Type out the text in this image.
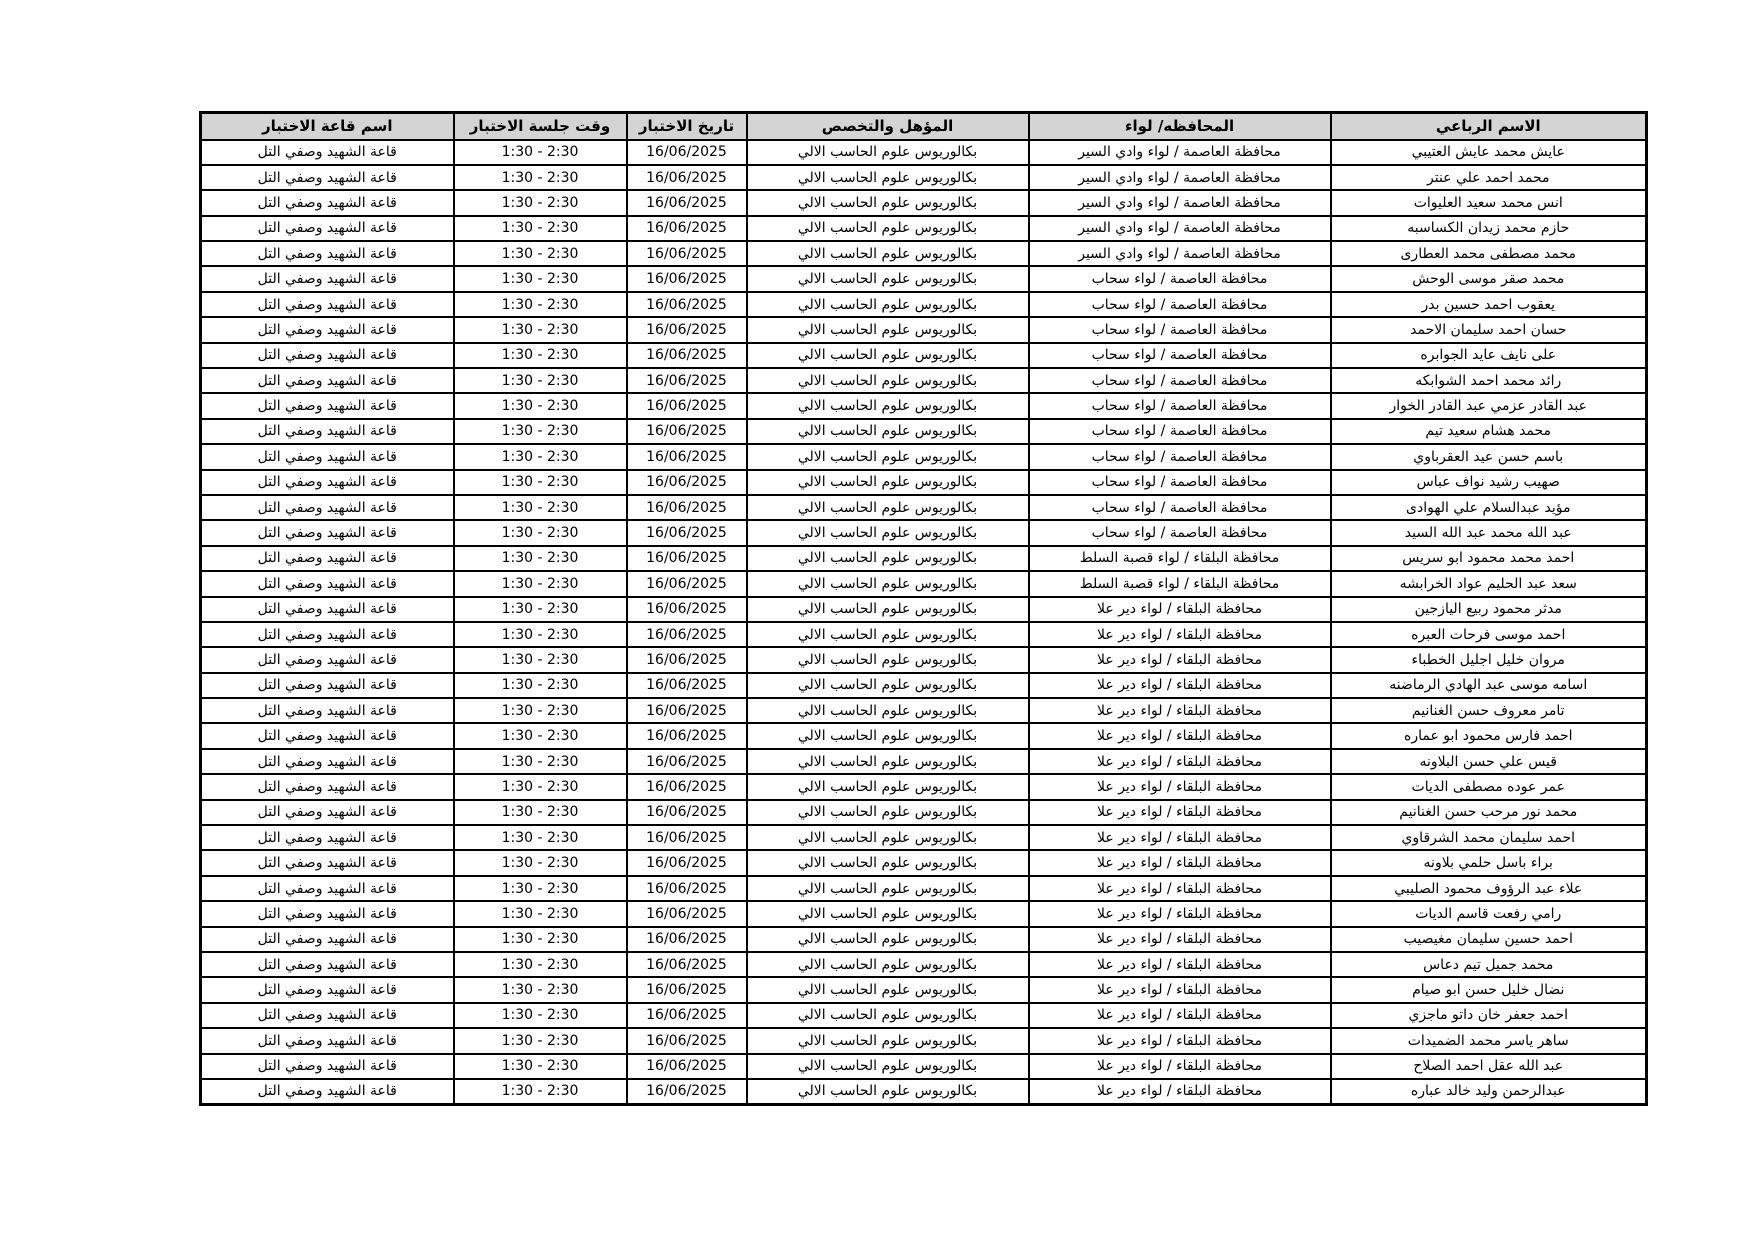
الاسم الرباعي	المحافظه/ لواء	المؤهل والتخصص	تاريخ الاختبار	وقت جلسة الاختبار	اسم قاعة الاختبار
عايش محمد عايش العتيبي	محافظة العاصمة / لواء وادي السير	بكالوريوس علوم الحاسب الالي	16/06/2025	1:30 - 2:30	قاعة الشهيد وصفي التل
محمد احمد علي عنتر	محافظة العاصمة / لواء وادي السير	بكالوريوس علوم الحاسب الالي	16/06/2025	1:30 - 2:30	قاعة الشهيد وصفي التل
انس محمد سعيد العليوات	محافظة العاصمة / لواء وادي السير	بكالوريوس علوم الحاسب الالي	16/06/2025	1:30 - 2:30	قاعة الشهيد وصفي التل
حازم محمد زيدان الكساسبه	محافظة العاصمة / لواء وادي السير	بكالوريوس علوم الحاسب الالي	16/06/2025	1:30 - 2:30	قاعة الشهيد وصفي التل
محمد مصطفى محمد العطارى	محافظة العاصمة / لواء وادي السير	بكالوريوس علوم الحاسب الالي	16/06/2025	1:30 - 2:30	قاعة الشهيد وصفي التل
محمد صقر موسى الوحش	محافظة العاصمة / لواء سحاب	بكالوريوس علوم الحاسب الالي	16/06/2025	1:30 - 2:30	قاعة الشهيد وصفي التل
يعقوب احمد حسين بدر	محافظة العاصمة / لواء سحاب	بكالوريوس علوم الحاسب الالي	16/06/2025	1:30 - 2:30	قاعة الشهيد وصفي التل
حسان احمد سليمان الاحمد	محافظة العاصمة / لواء سحاب	بكالوريوس علوم الحاسب الالي	16/06/2025	1:30 - 2:30	قاعة الشهيد وصفي التل
على نايف عايد الجوابره	محافظة العاصمة / لواء سحاب	بكالوريوس علوم الحاسب الالي	16/06/2025	1:30 - 2:30	قاعة الشهيد وصفي التل
رائد محمد احمد الشوابكه	محافظة العاصمة / لواء سحاب	بكالوريوس علوم الحاسب الالي	16/06/2025	1:30 - 2:30	قاعة الشهيد وصفي التل
عبد القادر عزمي عبد القادر الخوار	محافظة العاصمة / لواء سحاب	بكالوريوس علوم الحاسب الالي	16/06/2025	1:30 - 2:30	قاعة الشهيد وصفي التل
محمد هشام سعيد تيم	محافظة العاصمة / لواء سحاب	بكالوريوس علوم الحاسب الالي	16/06/2025	1:30 - 2:30	قاعة الشهيد وصفي التل
باسم حسن عيد العقرباوي	محافظة العاصمة / لواء سحاب	بكالوريوس علوم الحاسب الالي	16/06/2025	1:30 - 2:30	قاعة الشهيد وصفي التل
صهيب رشيد نواف عباس	محافظة العاصمة / لواء سحاب	بكالوريوس علوم الحاسب الالي	16/06/2025	1:30 - 2:30	قاعة الشهيد وصفي التل
مؤيد عبدالسلام علي الهوادى	محافظة العاصمة / لواء سحاب	بكالوريوس علوم الحاسب الالي	16/06/2025	1:30 - 2:30	قاعة الشهيد وصفي التل
عبد الله محمد عبد الله السيد	محافظة العاصمة / لواء سحاب	بكالوريوس علوم الحاسب الالي	16/06/2025	1:30 - 2:30	قاعة الشهيد وصفي التل
احمد محمد محمود ابو سريس	محافظة البلقاء / لواء قصبة السلط	بكالوريوس علوم الحاسب الالي	16/06/2025	1:30 - 2:30	قاعة الشهيد وصفي التل
سعد عبد الحليم عواد الخرابشه	محافظة البلقاء / لواء قصبة السلط	بكالوريوس علوم الحاسب الالي	16/06/2025	1:30 - 2:30	قاعة الشهيد وصفي التل
مدثر محمود ربيع اليازجين	محافظة البلقاء / لواء دير علا	بكالوريوس علوم الحاسب الالي	16/06/2025	1:30 - 2:30	قاعة الشهيد وصفي التل
احمد موسى فرحات العبره	محافظة البلقاء / لواء دير علا	بكالوريوس علوم الحاسب الالي	16/06/2025	1:30 - 2:30	قاعة الشهيد وصفي التل
مروان خليل اجليل الخطباء	محافظة البلقاء / لواء دير علا	بكالوريوس علوم الحاسب الالي	16/06/2025	1:30 - 2:30	قاعة الشهيد وصفي التل
اسامه موسى عبد الهادي الرماضنه	محافظة البلقاء / لواء دير علا	بكالوريوس علوم الحاسب الالي	16/06/2025	1:30 - 2:30	قاعة الشهيد وصفي التل
تامر معروف حسن الغنانيم	محافظة البلقاء / لواء دير علا	بكالوريوس علوم الحاسب الالي	16/06/2025	1:30 - 2:30	قاعة الشهيد وصفي التل
احمد فارس محمود ابو عماره	محافظة البلقاء / لواء دير علا	بكالوريوس علوم الحاسب الالي	16/06/2025	1:30 - 2:30	قاعة الشهيد وصفي التل
قيس علي حسن البلاونه	محافظة البلقاء / لواء دير علا	بكالوريوس علوم الحاسب الالي	16/06/2025	1:30 - 2:30	قاعة الشهيد وصفي التل
عمر عوده مصطفى الديات	محافظة البلقاء / لواء دير علا	بكالوريوس علوم الحاسب الالي	16/06/2025	1:30 - 2:30	قاعة الشهيد وصفي التل
محمد نور مرحب حسن الغنانيم	محافظة البلقاء / لواء دير علا	بكالوريوس علوم الحاسب الالي	16/06/2025	1:30 - 2:30	قاعة الشهيد وصفي التل
احمد سليمان محمد الشرقاوي	محافظة البلقاء / لواء دير علا	بكالوريوس علوم الحاسب الالي	16/06/2025	1:30 - 2:30	قاعة الشهيد وصفي التل
براء باسل حلمي بلاونه	محافظة البلقاء / لواء دير علا	بكالوريوس علوم الحاسب الالي	16/06/2025	1:30 - 2:30	قاعة الشهيد وصفي التل
علاء عبد الرؤوف محمود الصليبي	محافظة البلقاء / لواء دير علا	بكالوريوس علوم الحاسب الالي	16/06/2025	1:30 - 2:30	قاعة الشهيد وصفي التل
رامي رفعت قاسم الديات	محافظة البلقاء / لواء دير علا	بكالوريوس علوم الحاسب الالي	16/06/2025	1:30 - 2:30	قاعة الشهيد وصفي التل
احمد حسين سليمان مغيصيب	محافظة البلقاء / لواء دير علا	بكالوريوس علوم الحاسب الالي	16/06/2025	1:30 - 2:30	قاعة الشهيد وصفي التل
محمد جميل تيم دعاس	محافظة البلقاء / لواء دير علا	بكالوريوس علوم الحاسب الالي	16/06/2025	1:30 - 2:30	قاعة الشهيد وصفي التل
نضال خليل حسن ابو صيام	محافظة البلقاء / لواء دير علا	بكالوريوس علوم الحاسب الالي	16/06/2025	1:30 - 2:30	قاعة الشهيد وصفي التل
احمد جعفر خان داتو ماجزي	محافظة البلقاء / لواء دير علا	بكالوريوس علوم الحاسب الالي	16/06/2025	1:30 - 2:30	قاعة الشهيد وصفي التل
ساهر ياسر محمد الضميدات	محافظة البلقاء / لواء دير علا	بكالوريوس علوم الحاسب الالي	16/06/2025	1:30 - 2:30	قاعة الشهيد وصفي التل
عبد الله عقل احمد الصلاح	محافظة البلقاء / لواء دير علا	بكالوريوس علوم الحاسب الالي	16/06/2025	1:30 - 2:30	قاعة الشهيد وصفي التل
عبدالرحمن وليد خالد عباره	محافظة البلقاء / لواء دير علا	بكالوريوس علوم الحاسب الالي	16/06/2025	1:30 - 2:30	قاعة الشهيد وصفي التل
